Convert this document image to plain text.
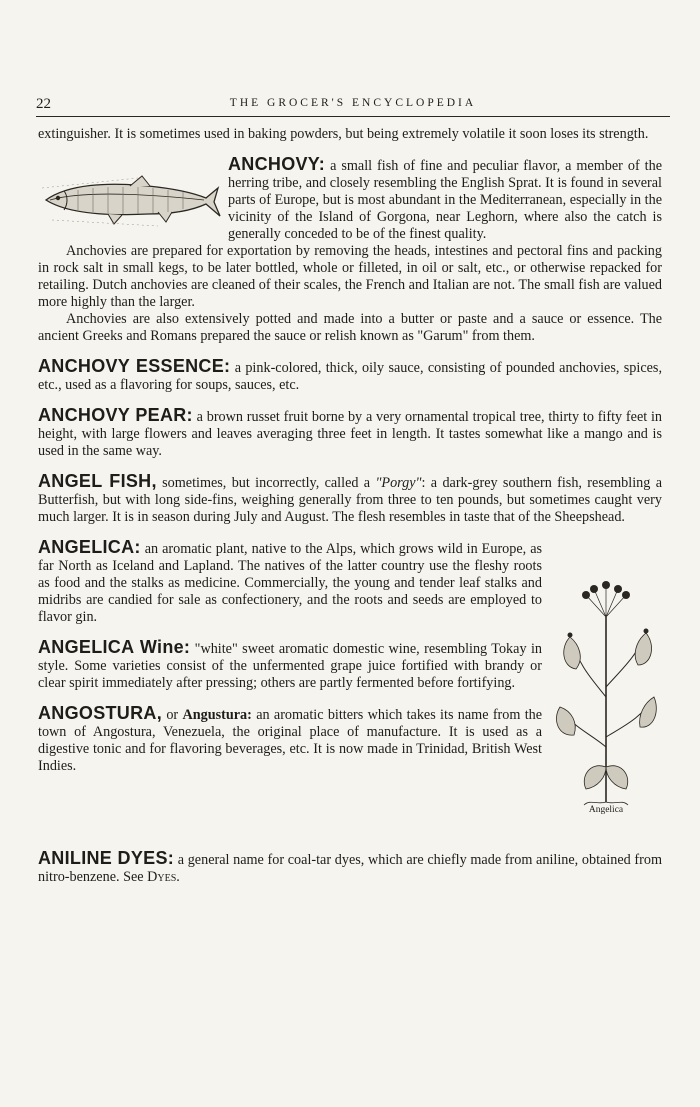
22	THE GROCER'S ENCYCLOPEDIA

extinguisher. It is sometimes used in baking powders, but being extremely volatile it soon loses its strength.

ANCHOVY: a small fish of fine and peculiar flavor, a member of the herring tribe, and closely resembling the English Sprat. It is found in several parts of Europe, but is most abundant in the Mediterranean, especially in the vicinity of the Island of Gorgona, near Leghorn, where also the catch is generally conceded to be of the finest quality.

Anchovies are prepared for exportation by removing the heads, intestines and pectoral fins and packing in rock salt in small kegs, to be later bottled, whole or filleted, in oil or salt, etc., or otherwise repacked for retailing. Dutch anchovies are cleaned of their scales, the French and Italian are not. The small fish are valued more highly than the larger.

Anchovies are also extensively potted and made into a butter or paste and a sauce or essence. The ancient Greeks and Romans prepared the sauce or relish known as "Garum" from them.

ANCHOVY ESSENCE: a pink-colored, thick, oily sauce, consisting of pounded anchovies, spices, etc., used as a flavoring for soups, sauces, etc.

ANCHOVY PEAR: a brown russet fruit borne by a very ornamental tropical tree, thirty to fifty feet in height, with large flowers and leaves averaging three feet in length. It tastes somewhat like a mango and is used in the same way.

ANGEL FISH, sometimes, but incorrectly, called a "Porgy": a dark-grey southern fish, resembling a Butterfish, but with long side-fins, weighing generally from three to ten pounds, but sometimes caught very much larger. It is in season during July and August. The flesh resembles in taste that of the Sheepshead.

Angelica

ANGELICA: an aromatic plant, native to the Alps, which grows wild in Europe, as far North as Iceland and Lapland. The natives of the latter country use the fleshy roots as food and the stalks as medicine. Commercially, the young and tender leaf stalks and midribs are candied for sale as confectionery, and the roots and seeds are employed to flavor gin.

ANGELICA Wine: "white" sweet aromatic domestic wine, resembling Tokay in style. Some varieties consist of the unfermented grape juice fortified with brandy or clear spirit immediately after pressing; others are partly fermented before fortifying.

ANGOSTURA, or Angustura: an aromatic bitters which takes its name from the town of Angostura, Venezuela, the original place of manufacture. It is used as a digestive tonic and for flavoring beverages, etc. It is now made in Trinidad, British West Indies.

ANILINE DYES: a general name for coal-tar dyes, which are chiefly made from aniline, obtained from nitro-benzene. See Dyes.
